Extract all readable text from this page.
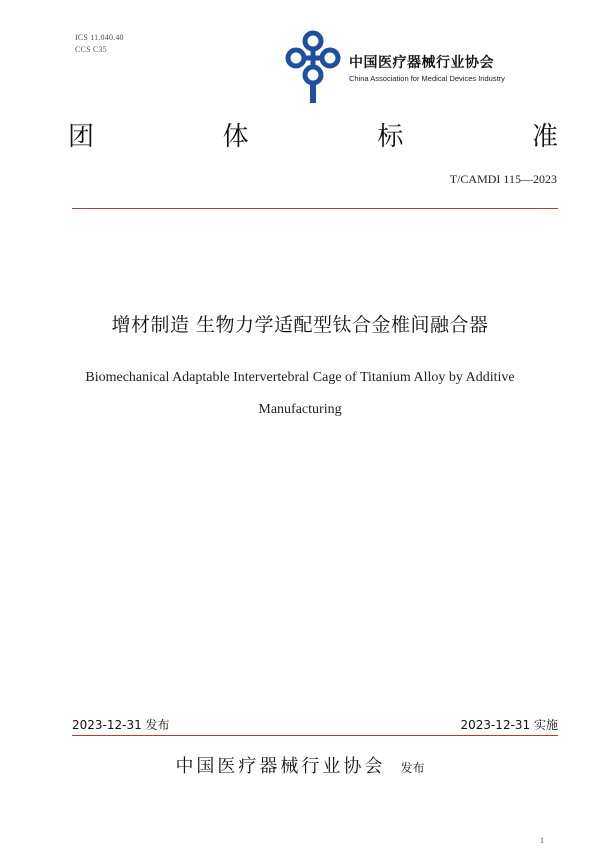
ICS 11.040.40
CCS C35
中国医疗器械行业协会
China Association for Medical Devices Industry
团	体	标	准
T/CAMDI 115—2023
增材制造 生物力学适配型钛合金椎间融合器
Biomechanical Adaptable Intervertebral Cage of Titanium Alloy by Additive
Manufacturing
2023-12-31 发布	2023-12-31 实施
中国医疗器械行业协会 发布
1
